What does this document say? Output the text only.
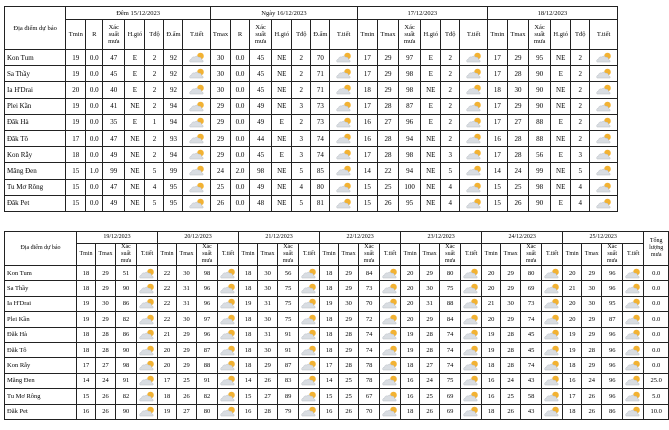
Địa điểm dự báo	Đêm 15/12/2023							Ngày 16/12/2023							17/12/2023						18/12/2023					
	Tmin	R	Xác suất mưa	H.gió	Tđộ	Đ.ẩm	T.tiết	Tmax	R	Xác suất mưa	H.gió	Tđộ	Đ.ẩm	T.tiết	Tmin	Tmax	Xác suất mưa	H.gió	Tđộ	T.tiết	Tmin	Tmax	Xác suất mưa	H.gió	Tđộ	T.tiết
Kon Tum	19	0.0	47	E	2	92		30	0.0	45	NE	2	70		17	29	97	E	2		17	29	95	NE	2	

Sa Thầy	19	0.0	45	E	2	92		30	0.0	45	NE	2	71		17	29	98	E	2		17	28	90	E	2	

Ia H'Drai	20	0.0	40	E	2	92		30	0.0	45	NE	2	71		18	29	98	NE	2		18	30	90	NE	2	

Plei Kần	19	0.0	41	NE	2	94		29	0.0	49	NE	3	73		17	28	87	E	2		17	29	90	NE	2	

Đăk Hà	19	0.0	35	E	1	94		29	0.0	49	E	2	73		16	27	96	E	2		17	27	88	E	2	

Đăk Tô	17	0.0	47	NE	2	93		29	0.0	44	NE	3	74		16	28	94	NE	2		16	28	88	NE	2	

Kon Rẫy	18	0.0	49	NE	2	94		29	0.0	45	E	3	74		17	28	98	NE	3		17	28	56	E	3	

Măng Đen	15	1.0	99	NE	5	99		24	2.0	98	NE	5	85		14	22	94	NE	5		14	24	99	NE	5	

Tu Mơ Rông	15	0.0	47	NE	4	95		25	0.0	49	NE	4	80		15	25	100	NE	4		15	25	98	NE	4	

Đăk Pet	15	0.0	49	NE	5	95		26	0.0	48	NE	5	81		15	26	95	NE	4		15	26	90	E	4	
Địa điểm dự báo	19/12/2023				20/12/2023				21/12/2023				22/12/2023				23/12/2023				24/12/2023				25/12/2023				Tổng lượng mưa
	Tmin	Tmax	Xác suất mưa	T.tiết	Tmin	Tmax	Xác suất mưa	T.tiết	Tmin	Tmax	Xác suất mưa	T.tiết	Tmin	Tmax	Xác suất mưa	T.tiết	Tmin	Tmax	Xác suất mưa	T.tiết	Tmin	Tmax	Xác suất mưa	T.tiết	Tmin	Tmax	Xác suất mưa	T.tiết	
Kon Tum	18	29	51		22	30	98		18	30	56		18	29	84		20	29	80		20	29	80		20	29	96		0.0
Sa Thầy	18	29	90		22	31	96		18	30	75		18	29	73		20	30	75		20	29	69		21	30	96		0.0
Ia H'Drai	19	30	86		22	31	96		19	31	75		19	30	70		20	31	88		21	30	73		20	30	95		0.0
Plei Kần	19	29	82		22	30	97		18	30	75		18	29	72		20	29	84		20	29	74		20	29	87		0.0
Đăk Hà	18	28	86		21	29	96		18	31	91		18	28	74		19	28	74		19	28	45		19	29	96		0.0
Đăk Tô	18	28	90		20	29	87		18	30	91		18	29	74		19	28	74		19	28	45		19	28	96		0.0
Kon Rẫy	17	27	98		20	29	88		18	29	87		17	28	78		18	27	74		18	28	74		18	29	96		0.0
Măng Đen	14	24	91		17	25	91		14	26	83		14	25	78		16	24	75		16	24	43		16	24	96		25.0
Tu Mơ Rông	15	26	82		18	26	82		15	27	89		15	25	67		16	25	69		16	25	58		17	26	96		5.0
Đăk Pet	16	26	90		19	27	80		16	28	79		16	26	70		18	26	69		18	26	43		18	26	86		10.0
